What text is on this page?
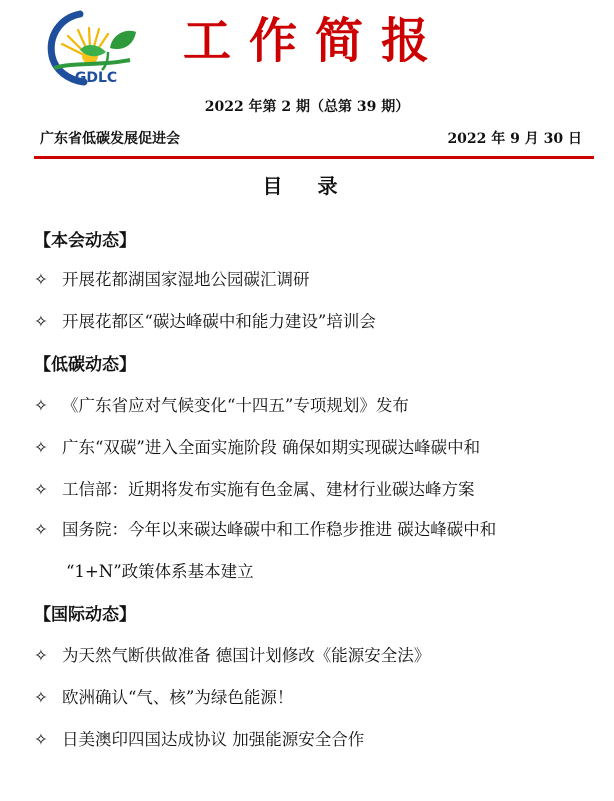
GDLC
工作简报
2022 年第 2 期（总第 39 期）
广东省低碳发展促进会	2022 年 9 月 30 日
目 录
【本会动态】
✧ 开展花都湖国家湿地公园碳汇调研
✧ 开展花都区“碳达峰碳中和能力建设”培训会
【低碳动态】
✧ 《广东省应对气候变化“十四五”专项规划》发布
✧ 广东“双碳”进入全面实施阶段 确保如期实现碳达峰碳中和
✧ 工信部：近期将发布实施有色金属、建材行业碳达峰方案
✧ 国务院：今年以来碳达峰碳中和工作稳步推进 碳达峰碳中和
“1+N”政策体系基本建立
【国际动态】
✧ 为天然气断供做准备 德国计划修改《能源安全法》
✧ 欧洲确认“气、核”为绿色能源！
✧ 日美澳印四国达成协议 加强能源安全合作
